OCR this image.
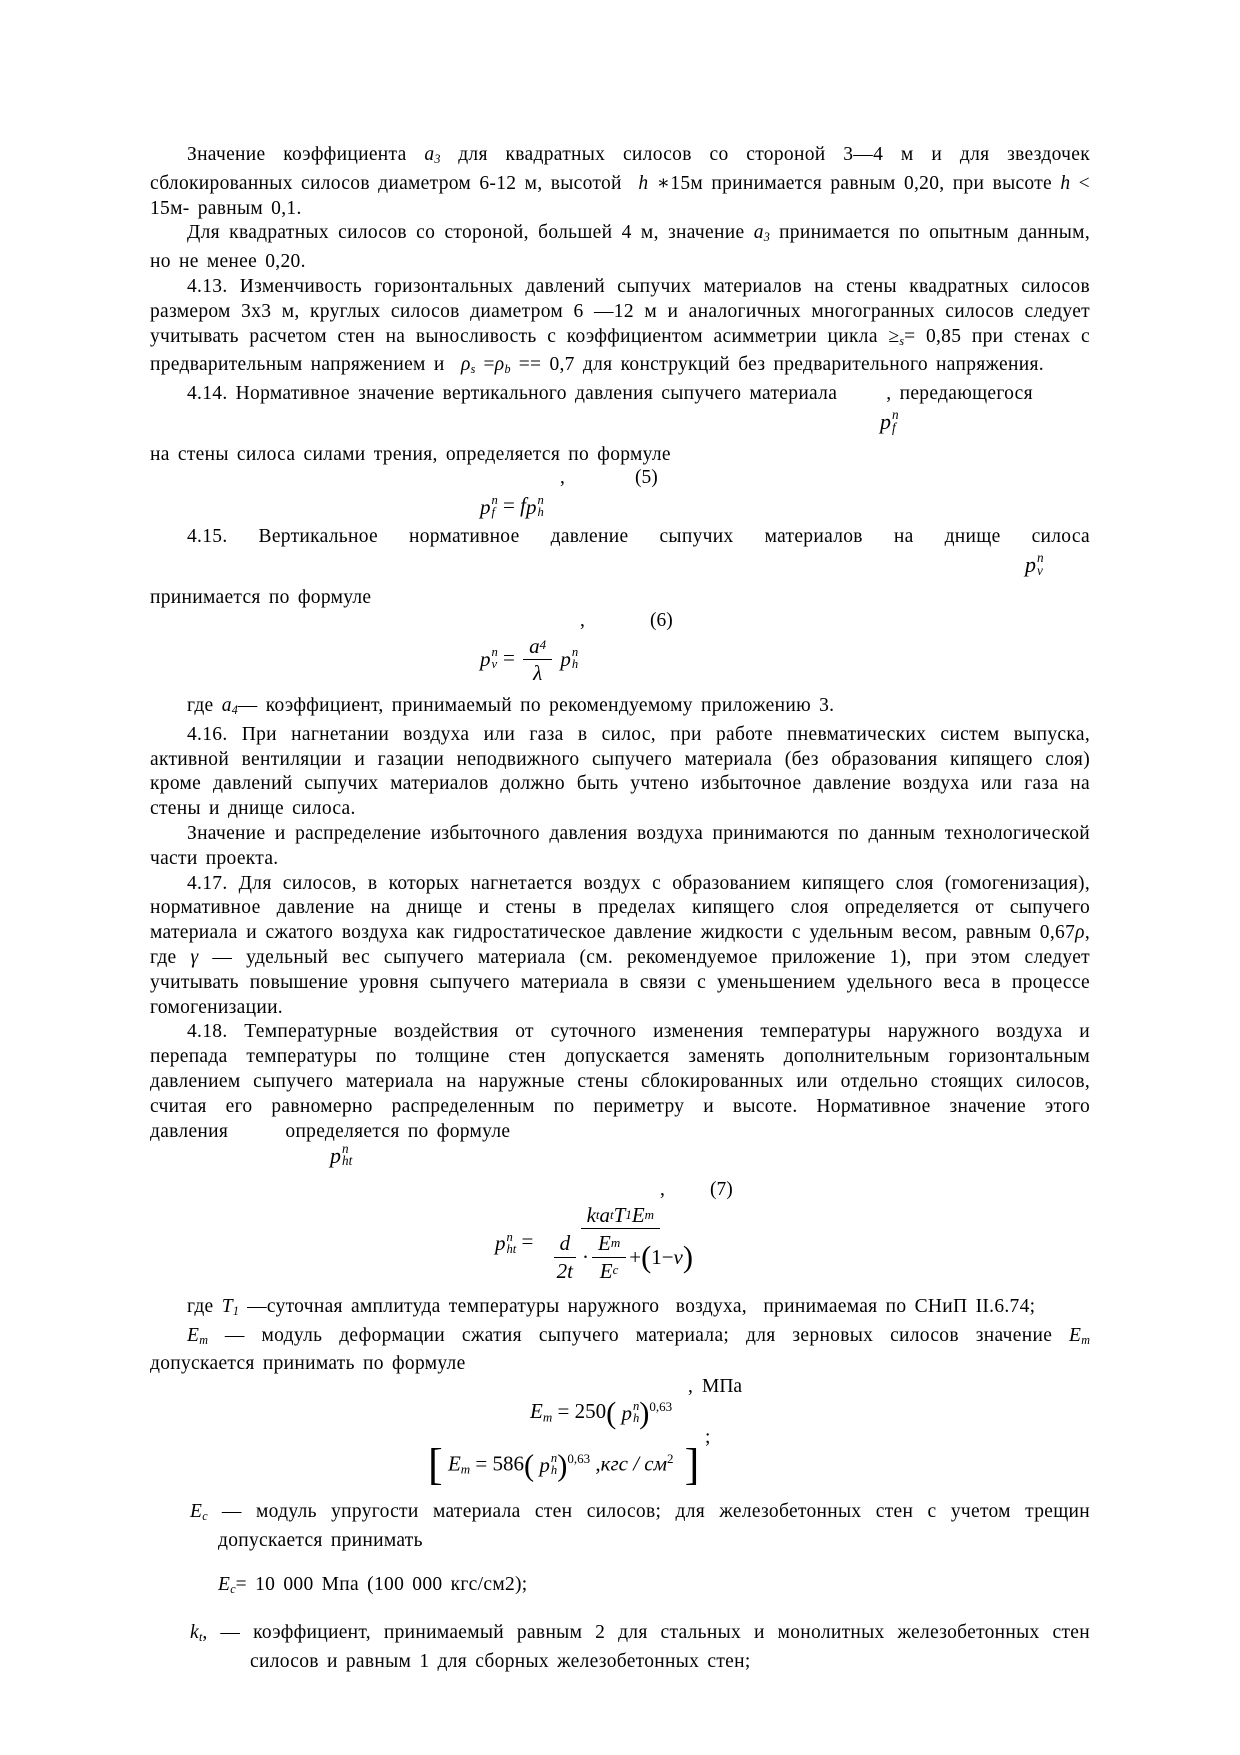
Значение коэффициента a3 для квадратных силосов со стороной 3—4 м и для звездочек сблокированных силосов диаметром 6-12 м, высотой  h ∗15м принимается равным 0,20, при высоте h < 15м- равным 0,1.

Для квадратных силосов со стороной, большей 4 м, значение a3 принимается по опытным данным, но не менее 0,20.

4.13. Изменчивость горизонтальных давлений сыпучих материалов на стены квадратных силосов размером 3х3 м, круглых силосов диаметром 6 —12 м и аналогичных многогранных силосов следует учитывать расчетом стен на выносливость с коэффициентом асимметрии цикла ≥s= 0,85 при стенах с предварительным напряжением и  ρs =ρb == 0,7 для конструкций без предварительного напряжения.

4.14. Нормативное значение вертикального давления сыпучего материала	, передающегося

p n
f

на стены силоса силами трения, определяется по формуле

,	(5)
p n
f = f p n
h

4.15. Вертикальное нормативное давление сыпучих материалов на днище силоса

p n
v

принимается по формуле

,	(6)
p n
$v = \frac{a 4}{\lambda}$
p n
h

где a4— коэффициент, принимаемый по рекомендуемому приложению 3.

4.16. При нагнетании воздуха или газа в силос, при работе пневматических систем выпуска, активной вентиляции и газации неподвижного сыпучего материала (без образования кипящего слоя) кроме давлений сыпучих материалов должно быть учтено избыточное давление воздуха или газа на стены и днище силоса.

Значение и распределение избыточного давления воздуха принимаются по данным технологической части проекта.

4.17. Для силосов, в которых нагнетается воздух с образованием кипящего слоя (гомогенизация), нормативное давление на днище и стены в пределах кипящего слоя определяется от сыпучего материала и сжатого воздуха как гидростатическое давление жидкости с удельным весом, равным 0,67ρ, где γ — удельный вес сыпучего материала (см. рекомендуемое приложение 1), при этом следует учитывать повышение уровня сыпучего материала в связи с уменьшением удельного веса в процессе гомогенизации.

4.18. Температурные воздействия от суточного изменения температуры наружного воздуха и перепада температуры по толщине стен допускается заменять дополнительным горизонтальным давлением сыпучего материала на наружные стены сблокированных или отдельно стоящих силосов, считая его равномерно распределенным по периметру и высоте. Нормативное значение этого давления	определяется по формуле

p n
ht
, (7)
p n
ht = $\frac{\text{k t a t T 1 E m}}{\frac{d}{2t} \cdot \frac{\text{E m}}{\text{E c}} + ( 1- \nu )}$

где T1 —суточная амплитуда температуры наружного  воздуха,  принимаемая по СНиП II.6.74;

Em — модуль деформации сжатия сыпучего материала; для зерновых силосов значение Em допускается принимать по формуле

, МПа
Em = 250( p n
h )$^{0,63}$
;
[ Em = 586( p n
h )$^{0,63}$ ,кгс / $см^2$ ]

Ec — модуль упругости материала стен силосов; для железобетонных стен с учетом трещин допускается принимать

Ec= 10 000 Мпа (100 000 кгс/см2);

kt, — коэффициент, принимаемый равным 2 для стальных и монолитных железобетонных стен силосов и равным 1 для сборных железобетонных стен;
